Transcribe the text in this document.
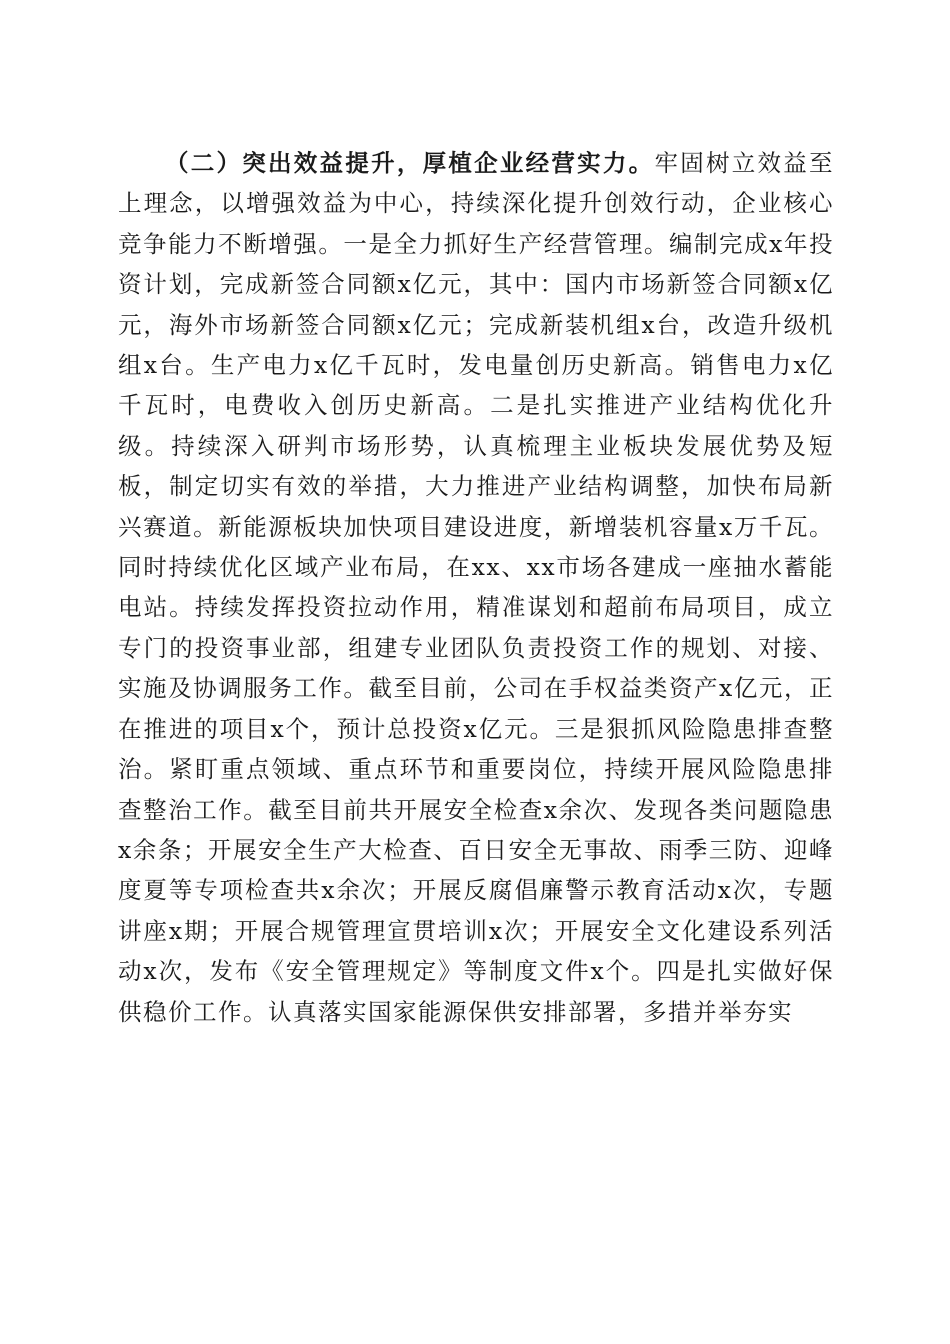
（二）突出效益提升，厚植企业经营实力。牢固树立效益至上理念，以增强效益为中心，持续深化提升创效行动，企业核心竞争能力不断增强。一是全力抓好生产经营管理。编制完成x年投资计划，完成新签合同额x亿元，其中：国内市场新签合同额x亿元，海外市场新签合同额x亿元；完成新装机组x台，改造升级机组x台。生产电力x亿千瓦时，发电量创历史新高。销售电力x亿千瓦时，电费收入创历史新高。二是扎实推进产业结构优化升级。持续深入研判市场形势，认真梳理主业板块发展优势及短板，制定切实有效的举措，大力推进产业结构调整，加快布局新兴赛道。新能源板块加快项目建设进度，新增装机容量x万千瓦。同时持续优化区域产业布局，在xx、xx市场各建成一座抽水蓄能电站。持续发挥投资拉动作用，精准谋划和超前布局项目，成立专门的投资事业部，组建专业团队负责投资工作的规划、对接、实施及协调服务工作。截至目前，公司在手权益类资产x亿元，正在推进的项目x个，预计总投资x亿元。三是狠抓风险隐患排查整治。紧盯重点领域、重点环节和重要岗位，持续开展风险隐患排查整治工作。截至目前共开展安全检查x余次、发现各类问题隐患x余条；开展安全生产大检查、百日安全无事故、雨季三防、迎峰度夏等专项检查共x余次；开展反腐倡廉警示教育活动x次，专题讲座x期；开展合规管理宣贯培训x次；开展安全文化建设系列活动x次，发布《安全管理规定》等制度文件x个。四是扎实做好保供稳价工作。认真落实国家能源保供安排部署，多措并举夯实
